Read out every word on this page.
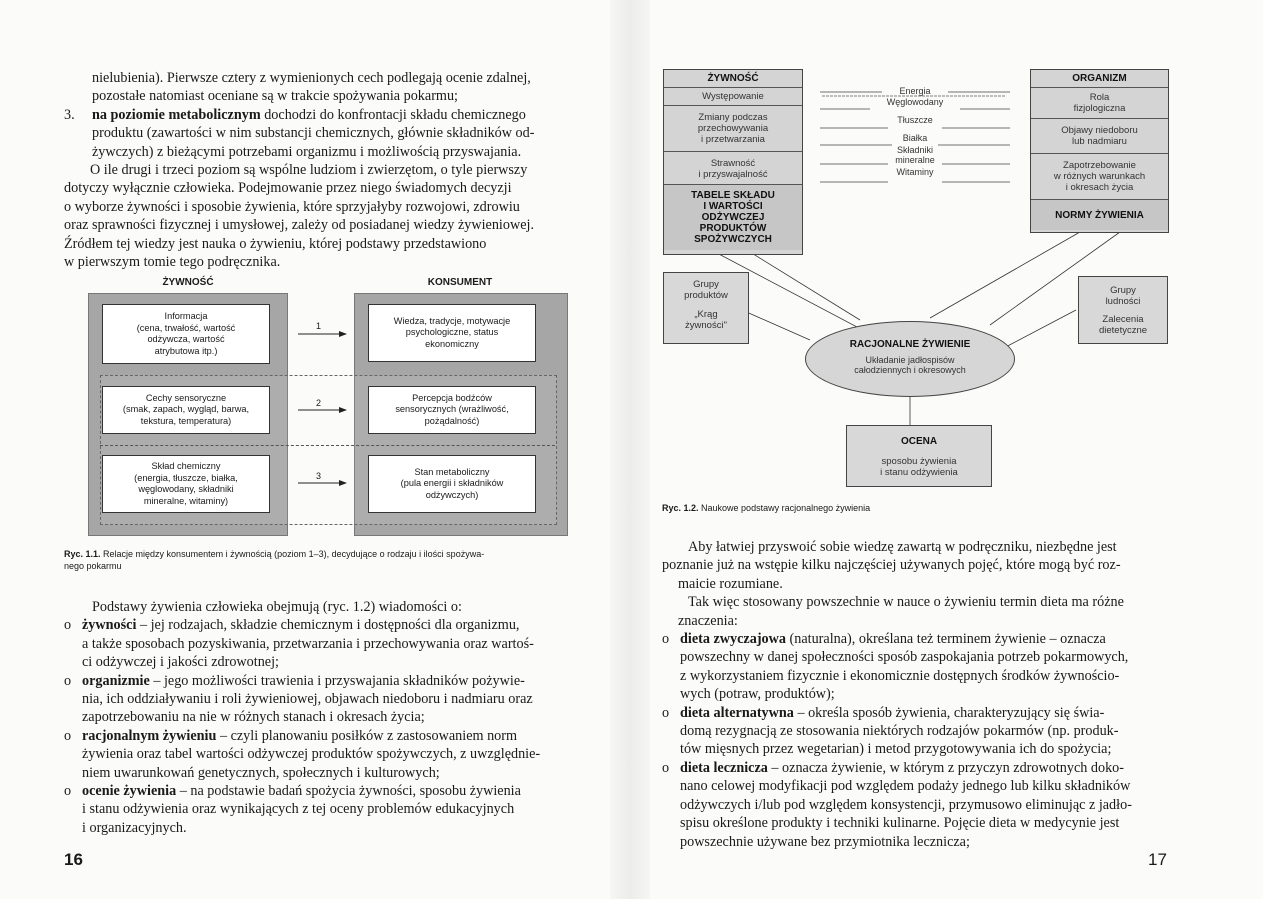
nielubienia). Pierwsze cztery z wymienionych cech podlegają ocenie zdalnej,

pozostałe natomiast oceniane są w trakcie spożywania pokarmu;

3. na poziomie metabolicznym dochodzi do konfrontacji składu chemicznego
produktu (zawartości w nim substancji chemicznych, głównie składników od-
żywczych) z bieżącymi potrzebami organizmu i możliwością przyswajania.

O ile drugi i trzeci poziom są wspólne ludziom i zwierzętom, o tyle pierwszy

dotyczy wyłącznie człowieka. Podejmowanie przez niego świadomych decyzji

o wyborze żywności i sposobie żywienia, które sprzyjałyby rozwojowi, zdrowiu

oraz sprawności fizycznej i umysłowej, zależy od posiadanej wiedzy żywieniowej.

Źródłem tej wiedzy jest nauka o żywieniu, której podstawy przedstawiono

w pierwszym tomie tego podręcznika.

ŻYWNOŚĆ	KONSUMENT
Informacja
(cena, trwałość, wartość
odżywcza, wartość
atrybutowa itp.)
Cechy sensoryczne
(smak, zapach, wygląd, barwa,
tekstura, temperatura)
Skład chemiczny
(energia, tłuszcze, białka,
węglowodany, składniki
mineralne, witaminy)
Wiedza, tradycje, motywacje
psychologiczne, status
ekonomiczny
Percepcja bodźców
sensorycznych (wrażliwość,
pożądalność)
Stan metaboliczny
(pula energii i składników
odżywczych)
1
2
3
Ryc. 1.1. Relacje między konsumentem i żywnością (poziom 1–3), decydujące o rodzaju i ilości spożywa-
nego pokarmu

Podstawy żywienia człowieka obejmują (ryc. 1.2) wiadomości o:

o żywności – jej rodzajach, składzie chemicznym i dostępności dla organizmu,
a także sposobach pozyskiwania, przetwarzania i przechowywania oraz wartoś-
ci odżywczej i jakości zdrowotnej;
o organizmie – jego możliwości trawienia i przyswajania składników pożywie-
nia, ich oddziaływaniu i roli żywieniowej, objawach niedoboru i nadmiaru oraz
zapotrzebowaniu na nie w różnych stanach i okresach życia;
o racjonalnym żywieniu – czyli planowaniu posiłków z zastosowaniem norm
żywienia oraz tabel wartości odżywczej produktów spożywczych, z uwzględnie-
niem uwarunkowań genetycznych, społecznych i kulturowych;
o ocenie żywienia – na podstawie badań spożycia żywności, sposobu żywienia
i stanu odżywienia oraz wynikających z tej oceny problemów edukacyjnych
i organizacyjnych.
16
ŻYWNOŚĆ
Występowanie
Zmiany podczas
przechowywania
i przetwarzania
Strawność
i przyswajalność
TABELE SKŁADU
I WARTOŚCI
ODŻYWCZEJ
PRODUKTÓW
SPOŻYWCZYCH
Energia
Węglowodany
Tłuszcze
Białka
Składniki
mineralne
Witaminy
ORGANIZM
Rola
fizjologiczna
Objawy niedoboru
lub nadmiaru
Zapotrzebowanie
w różnych warunkach
i okresach życia
NORMY ŻYWIENIA
Grupy
produktów
„Krąg
żywności"
Grupy
ludności
Zalecenia
dietetyczne
RACJONALNE ŻYWIENIE
Układanie jadłospisów
całodziennych i okresowych
OCENA
sposobu żywienia
i stanu odżywienia
Ryc. 1.2. Naukowe podstawy racjonalnego żywienia

Aby łatwiej przyswoić sobie wiedzę zawartą w podręczniku, niezbędne jest

poznanie już na wstępie kilku najczęściej używanych pojęć, które mogą być roz-

maicie rozumiane.

Tak więc stosowany powszechnie w nauce o żywieniu termin dieta ma różne

znaczenia:

o dieta zwyczajowa (naturalna), określana też terminem żywienie – oznacza
powszechny w danej społeczności sposób zaspokajania potrzeb pokarmowych,
z wykorzystaniem fizycznie i ekonomicznie dostępnych środków żywnościo-
wych (potraw, produktów);
o dieta alternatywna – określa sposób żywienia, charakteryzujący się świa-
domą rezygnacją ze stosowania niektórych rodzajów pokarmów (np. produk-
tów mięsnych przez wegetarian) i metod przygotowywania ich do spożycia;
o dieta lecznicza – oznacza żywienie, w którym z przyczyn zdrowotnych doko-
nano celowej modyfikacji pod względem podaży jednego lub kilku składników
odżywczych i/lub pod względem konsystencji, przymusowo eliminując z jadło-
spisu określone produkty i techniki kulinarne. Pojęcie dieta w medycynie jest
powszechnie używane bez przymiotnika lecznicza;
17
